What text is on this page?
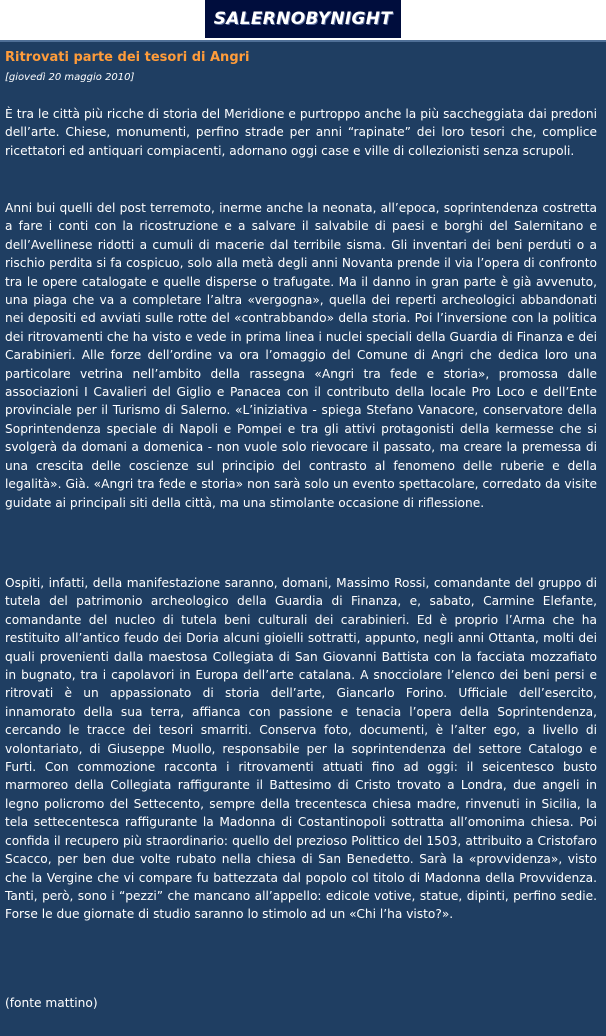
SALERNOBYNIGHT
Ritrovati parte dei tesori di Angri
[giovedì 20 maggio 2010]

È tra le città più ricche di storia del Meridione e purtroppo anche la più saccheggiata dai predoni dell’arte. Chiese, monumenti, perfino strade per anni “rapinate” dei loro tesori che, complice ricettatori ed antiquari compiacenti, adornano oggi case e ville di collezionisti senza scrupoli.

Anni bui quelli del post terremoto, inerme anche la neonata, all’epoca, soprintendenza costretta a fare i conti con la ricostruzione e a salvare il salvabile di paesi e borghi del Salernitano e dell’Avellinese ridotti a cumuli di macerie dal terribile sisma. Gli inventari dei beni perduti o a rischio perdita si fa cospicuo, solo alla metà degli anni Novanta prende il via l’opera di confronto tra le opere catalogate e quelle disperse o trafugate. Ma il danno in gran parte è già avvenuto, una piaga che va a completare l’altra «vergogna», quella dei reperti archeologici abbandonati nei depositi ed avviati sulle rotte del «contrabbando» della storia. Poi l’inversione con la politica dei ritrovamenti che ha visto e vede in prima linea i nuclei speciali della Guardia di Finanza e dei Carabinieri. Alle forze dell’ordine va ora l’omaggio del Comune di Angri che dedica loro una particolare vetrina nell’ambito della rassegna «Angri tra fede e storia», promossa dalle associazioni I Cavalieri del Giglio e Panacea con il contributo della locale Pro Loco e dell’Ente provinciale per il Turismo di Salerno. «L’iniziativa - spiega Stefano Vanacore, conservatore della Soprintendenza speciale di Napoli e Pompei e tra gli attivi protagonisti della kermesse che si svolgerà da domani a domenica - non vuole solo rievocare il passato, ma creare la premessa di una crescita delle coscienze sul principio del contrasto al fenomeno delle ruberie e della legalità». Già. «Angri tra fede e storia» non sarà solo un evento spettacolare, corredato da visite guidate ai principali siti della città, ma una stimolante occasione di riflessione.

Ospiti, infatti, della manifestazione saranno, domani, Massimo Rossi, comandante del gruppo di tutela del patrimonio archeologico della Guardia di Finanza, e, sabato, Carmine Elefante, comandante del nucleo di tutela beni culturali dei carabinieri. Ed è proprio l’Arma che ha restituito all’antico feudo dei Doria alcuni gioielli sottratti, appunto, negli anni Ottanta, molti dei quali provenienti dalla maestosa Collegiata di San Giovanni Battista con la facciata mozzafiato in bugnato, tra i capolavori in Europa dell’arte catalana. A snocciolare l’elenco dei beni persi e ritrovati è un appassionato di storia dell’arte, Giancarlo Forino. Ufficiale dell’esercito, innamorato della sua terra, affianca con passione e tenacia l’opera della Soprintendenza, cercando le tracce dei tesori smarriti. Conserva foto, documenti, è l’alter ego, a livello di volontariato, di Giuseppe Muollo, responsabile per la soprintendenza del settore Catalogo e Furti. Con commozione racconta i ritrovamenti attuati fino ad oggi: il seicentesco busto marmoreo della Collegiata raffigurante il Battesimo di Cristo trovato a Londra, due angeli in legno policromo del Settecento, sempre della trecentesca chiesa madre, rinvenuti in Sicilia, la tela settecentesca raffigurante la Madonna di Costantinopoli sottratta all’omonima chiesa. Poi confida il recupero più straordinario: quello del prezioso Polittico del 1503, attribuito a Cristofaro Scacco, per ben due volte rubato nella chiesa di San Benedetto. Sarà la «provvidenza», visto che la Vergine che vi compare fu battezzata dal popolo col titolo di Madonna della Provvidenza. Tanti, però, sono i “pezzi” che mancano all’appello: edicole votive, statue, dipinti, perfino sedie. Forse le due giornate di studio saranno lo stimolo ad un «Chi l’ha visto?».

(fonte mattino)
